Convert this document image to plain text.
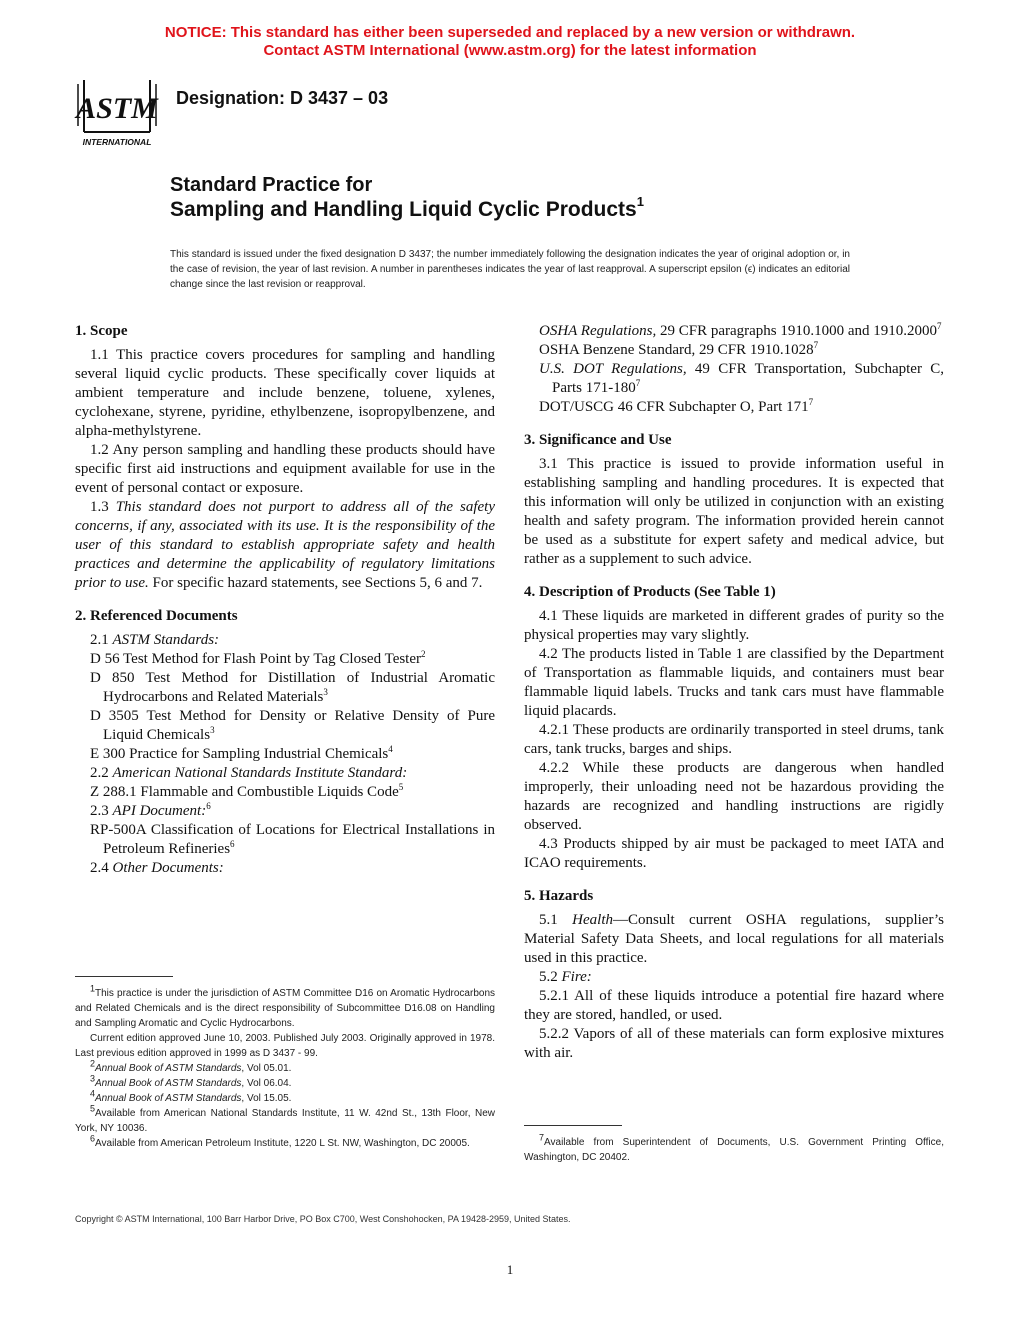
NOTICE: This standard has either been superseded and replaced by a new version or withdrawn.
Contact ASTM International (www.astm.org) for the latest information
ASTM
INTERNATIONAL
Designation: D 3437 – 03
Standard Practice for
Sampling and Handling Liquid Cyclic Products$^1$
This standard is issued under the fixed designation D 3437; the number immediately following the designation indicates the year of original adoption or, in the case of revision, the year of last revision. A number in parentheses indicates the year of last reapproval. A superscript epsilon (ϵ) indicates an editorial change since the last revision or reapproval.

1. Scope

1.1 This practice covers procedures for sampling and handling several liquid cyclic products. These specifically cover liquids at ambient temperature and include benzene, toluene, xylenes, cyclohexane, styrene, pyridine, ethylbenzene, isopropylbenzene, and alpha-methylstyrene.

1.2 Any person sampling and handling these products should have specific first aid instructions and equipment available for use in the event of personal contact or exposure.

1.3 This standard does not purport to address all of the safety concerns, if any, associated with its use. It is the responsibility of the user of this standard to establish appropriate safety and health practices and determine the applicability of regulatory limitations prior to use. For specific hazard statements, see Sections 5, 6 and 7.

2. Referenced Documents

2.1 ASTM Standards:

D 56 Test Method for Flash Point by Tag Closed Tester$^2$

D 850 Test Method for Distillation of Industrial Aromatic Hydrocarbons and Related Materials$^3$

D 3505 Test Method for Density or Relative Density of Pure Liquid Chemicals$^3$

E 300 Practice for Sampling Industrial Chemicals$^4$

2.2 American National Standards Institute Standard:

Z 288.1 Flammable and Combustible Liquids Code$^5$

2.3 API Document:$^6$

RP-500A Classification of Locations for Electrical Installations in Petroleum Refineries$^6$

2.4 Other Documents:

OSHA Regulations, 29 CFR paragraphs 1910.1000 and 1910.2000$^7$

OSHA Benzene Standard, 29 CFR 1910.1028$^7$

U.S. DOT Regulations, 49 CFR Transportation, Subchapter C, Parts $171-180^7$

DOT/USCG 46 CFR Subchapter O, Part $171^7$

3. Significance and Use

3.1 This practice is issued to provide information useful in establishing sampling and handling procedures. It is expected that this information will only be utilized in conjunction with an existing health and safety program. The information provided herein cannot be used as a substitute for expert safety and medical advice, but rather as a supplement to such advice.

4. Description of Products (See Table 1)

4.1 These liquids are marketed in different grades of purity so the physical properties may vary slightly.

4.2 The products listed in Table 1 are classified by the Department of Transportation as flammable liquids, and containers must bear flammable liquid labels. Trucks and tank cars must have flammable liquid placards.

4.2.1 These products are ordinarily transported in steel drums, tank cars, tank trucks, barges and ships.

4.2.2 While these products are dangerous when handled improperly, their unloading need not be hazardous providing the hazards are recognized and handling instructions are rigidly observed.

4.3 Products shipped by air must be packaged to meet IATA and ICAO requirements.

5. Hazards

5.1 Health—Consult current OSHA regulations, supplier’s Material Safety Data Sheets, and local regulations for all materials used in this practice.

5.2 Fire:

5.2.1 All of these liquids introduce a potential fire hazard where they are stored, handled, or used.

5.2.2 Vapors of all of these materials can form explosive mixtures with air.

$^1$This practice is under the jurisdiction of ASTM Committee D16 on Aromatic Hydrocarbons and Related Chemicals and is the direct responsibility of Subcommittee D16.08 on Handling and Sampling Aromatic and Cyclic Hydrocarbons.

Current edition approved June 10, 2003. Published July 2003. Originally approved in 1978. Last previous edition approved in 1999 as D 3437 - 99.

$^2$Annual Book of ASTM Standards, Vol 05.01.

$^3$Annual Book of ASTM Standards, Vol 06.04.

$^4$Annual Book of ASTM Standards, Vol 15.05.

$^5$Available from American National Standards Institute, 11 W. 42nd St., 13th Floor, New York, NY 10036.

$^6$Available from American Petroleum Institute, 1220 L St. NW, Washington, DC 20005.

$^7$Available from Superintendent of Documents, U.S. Government Printing Office, Washington, DC 20402.

Copyright © ASTM International, 100 Barr Harbor Drive, PO Box C700, West Conshohocken, PA 19428-2959, United States.
1
